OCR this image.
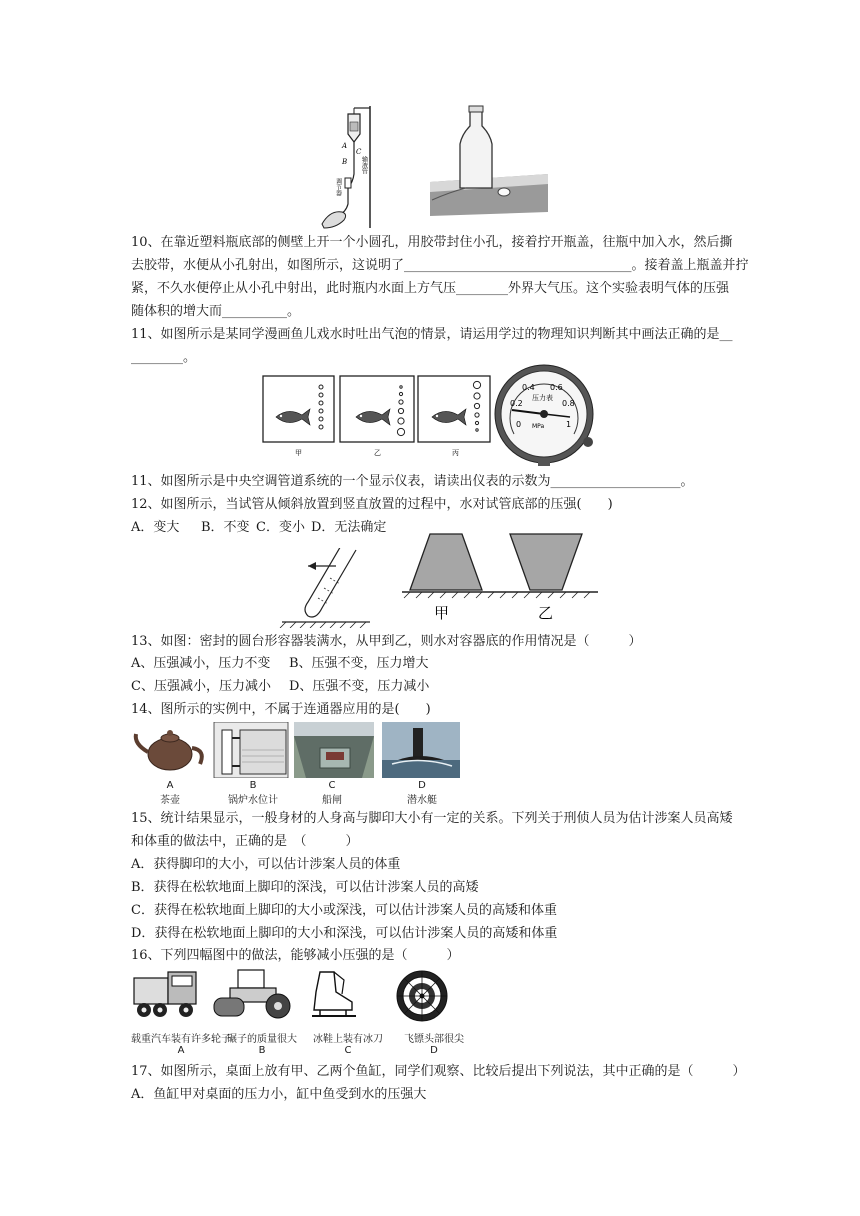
A
C
B 输液管
调节器
10、在靠近塑料瓶底部的侧壁上开一个小圆孔，用胶带封住小孔，接着拧开瓶盖，往瓶中加入水，然后撕
去胶带，水便从小孔射出，如图所示，这说明了___________________________________。接着盖上瓶盖并拧
紧，不久水便停止从小孔中射出，此时瓶内水面上方气压________外界大气压。这个实验表明气体的压强
随体积的增大而__________。
11、如图所示是某同学漫画鱼儿戏水时吐出气泡的情景，请运用学过的物理知识判断其中画法正确的是__
________。
甲	乙	丙
0
0.2
0.4 0.6
0.8
1
压力表
MPa
11、如图所示是中央空调管道系统的一个显示仪表，请读出仪表的示数为____________________。
12、如图所示，当试管从倾斜放置到竖直放置的过程中，水对试管底部的压强(　　)
A．变大 B．不变 C．变小 D．无法确定
甲	乙
13、如图：密封的圆台形容器装满水，从甲到乙，则水对容器底的作用情况是（　　　）
A、压强减小，压力不变 B、压强不变，压力增大
C、压强减小，压力减小 D、压强不变，压力减小
14、图所示的实例中，不属于连通器应用的是(　　)
A
茶壶
B
锅炉水位计
C
船闸
D
潜水艇
15、统计结果显示，一般身材的人身高与脚印大小有一定的关系。下列关于刑侦人员为估计涉案人员高矮
和体重的做法中，正确的是　（　　　）
A．获得脚印的大小，可以估计涉案人员的体重
B．获得在松软地面上脚印的深浅，可以估计涉案人员的高矮
C．获得在松软地面上脚印的大小或深浅，可以估计涉案人员的高矮和体重
D．获得在松软地面上脚印的大小和深浅，可以估计涉案人员的高矮和体重
16、下列四幅图中的做法，能够减小压强的是（　　　）
载重汽车装有许多轮子
A
碾子的质量很大
B
冰鞋上装有冰刀
C
飞镖头部很尖
D
17、如图所示，桌面上放有甲、乙两个鱼缸，同学们观察、比较后提出下列说法，其中正确的是（　　　）
A．鱼缸甲对桌面的压力小，缸中鱼受到水的压强大
